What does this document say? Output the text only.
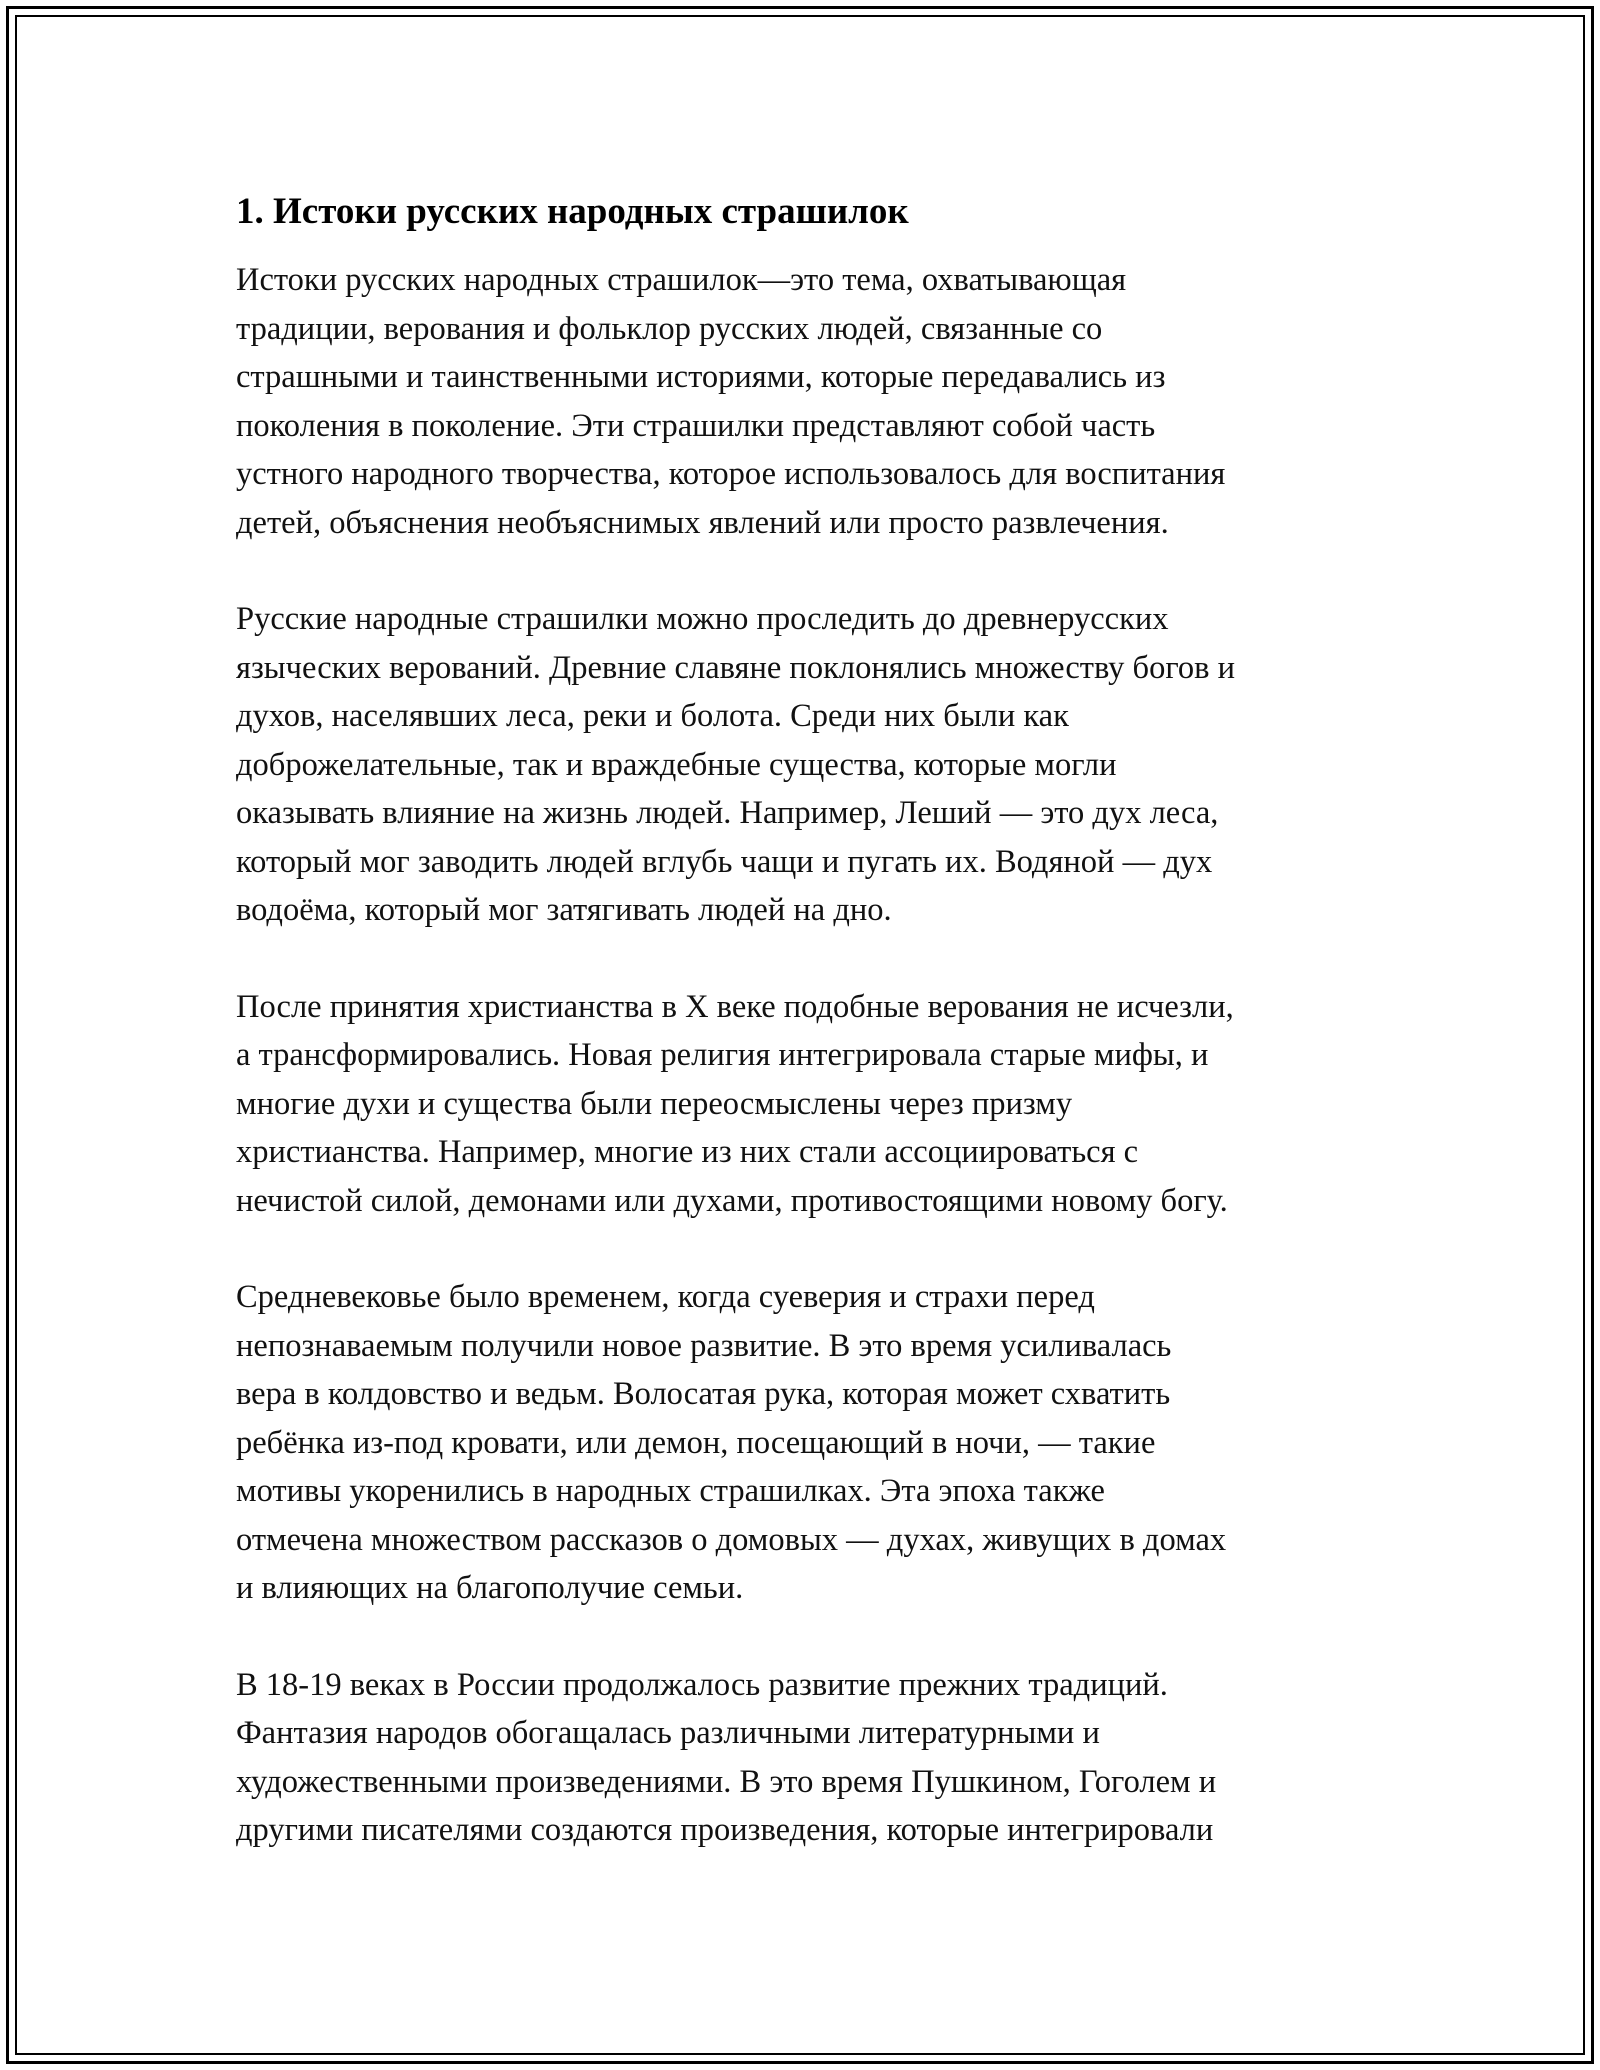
1. Истоки русских народных страшилок

Истоки русских народных страшилок—это тема, охватывающая
традиции, верования и фольклор русских людей, связанные со
страшными и таинственными историями, которые передавались из
поколения в поколение. Эти страшилки представляют собой часть
устного народного творчества, которое использовалось для воспитания
детей, объяснения необъяснимых явлений или просто развлечения.

Русские народные страшилки можно проследить до древнерусских
языческих верований. Древние славяне поклонялись множеству богов и
духов, населявших леса, реки и болота. Среди них были как
доброжелательные, так и враждебные существа, которые могли
оказывать влияние на жизнь людей. Например, Леший — это дух леса,
который мог заводить людей вглубь чащи и пугать их. Водяной — дух
водоёма, который мог затягивать людей на дно.

После принятия христианства в X веке подобные верования не исчезли,
а трансформировались. Новая религия интегрировала старые мифы, и
многие духи и существа были переосмыслены через призму
христианства. Например, многие из них стали ассоциироваться с
нечистой силой, демонами или духами, противостоящими новому богу.

Средневековье было временем, когда суеверия и страхи перед
непознаваемым получили новое развитие. В это время усиливалась
вера в колдовство и ведьм. Волосатая рука, которая может схватить
ребёнка из-под кровати, или демон, посещающий в ночи, — такие
мотивы укоренились в народных страшилках. Эта эпоха также
отмечена множеством рассказов о домовых — духах, живущих в домах
и влияющих на благополучие семьи.

В 18-19 веках в России продолжалось развитие прежних традиций.
Фантазия народов обогащалась различными литературными и
художественными произведениями. В это время Пушкином, Гоголем и
другими писателями создаются произведения, которые интегрировали
